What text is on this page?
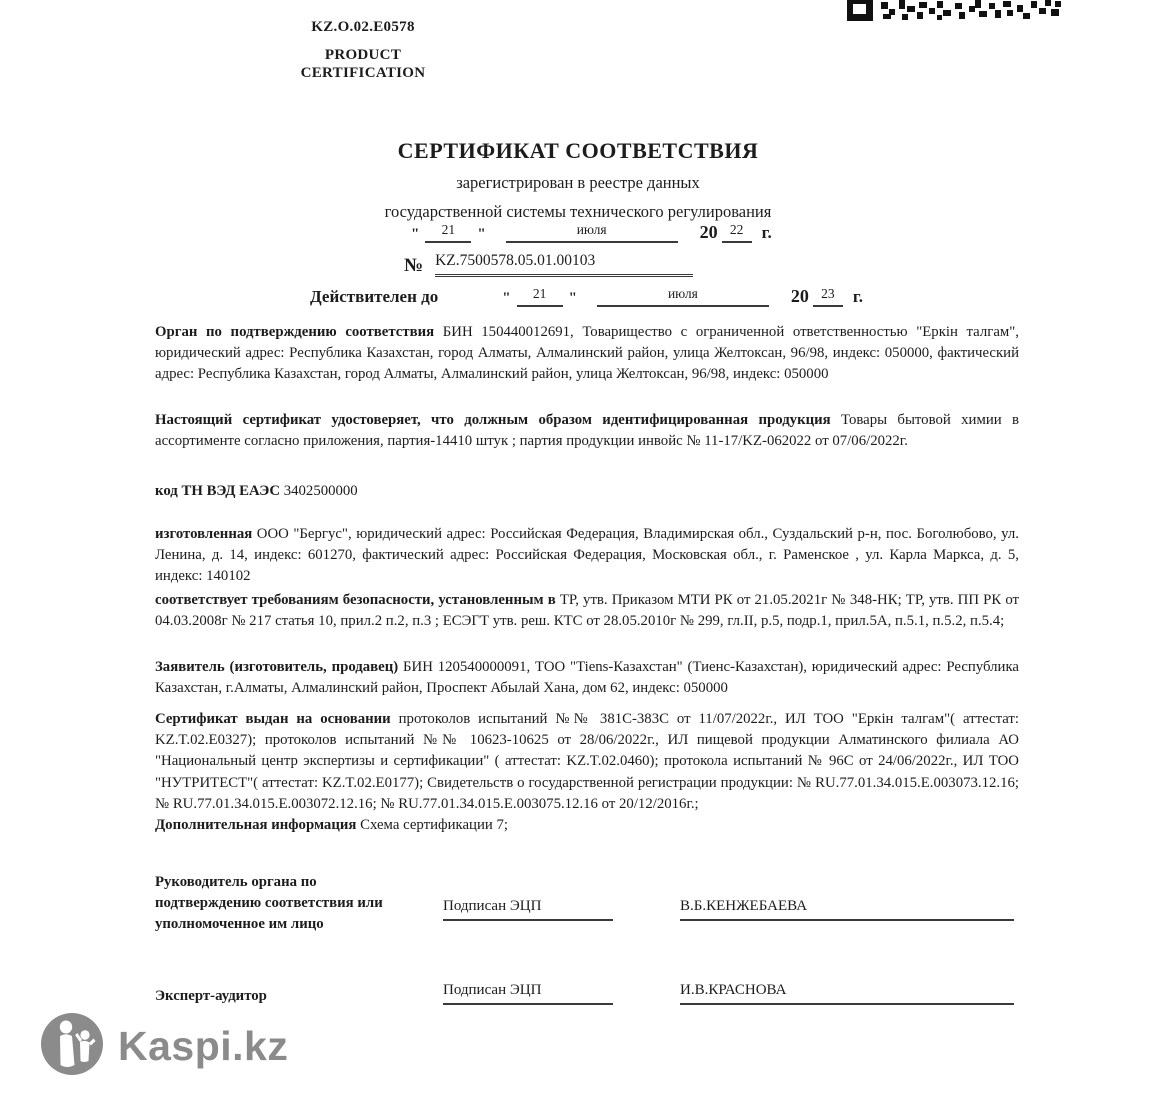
KZ.O.02.E0578
PRODUCT
CERTIFICATION
СЕРТИФИКАТ СООТВЕТСТВИЯ
зарегистрирован в реестре данных
государственной системы технического регулирования
"	21	"	июля	20 22	г.
№ KZ.7500578.05.01.00103
Действителен до	"	21	"	июля	20 23	г.
Орган по подтверждению соответствия БИН 150440012691, Товарищество с ограниченной ответственностью "Еркін талгам", юридический адрес: Республика Казахстан, город Алматы, Алмалинский район, улица Желтоксан, 96/98, индекс: 050000, фактический адрес: Республика Казахстан, город Алматы, Алмалинский район, улица Желтоксан, 96/98, индекс: 050000
Настоящий сертификат удостоверяет, что должным образом идентифицированная продукция Товары бытовой химии в ассортименте согласно приложения, партия-14410 штук ; партия продукции инвойс № 11-17/KZ-062022 от 07/06/2022г.
код ТН ВЭД ЕАЭС 3402500000
изготовленная ООО "Бергус", юридический адрес: Российская Федерация, Владимирская обл., Суздальский р-н, пос. Боголюбово, ул. Ленина, д. 14, индекс: 601270, фактический адрес: Российская Федерация, Московская обл., г. Раменское , ул. Карла Маркса, д. 5, индекс: 140102
соответствует требованиям безопасности, установленным в ТР, утв. Приказом МТИ РК от 21.05.2021г № 348-НК; ТР, утв. ПП РК от 04.03.2008г № 217 статья 10, прил.2 п.2, п.3 ; ЕСЭГТ утв. реш. КТС от 28.05.2010г № 299, гл.II, р.5, подр.1, прил.5А, п.5.1, п.5.2, п.5.4;
Заявитель (изготовитель, продавец) БИН 120540000091, ТОО "Tiens-Казахстан" (Тиенс-Казахстан), юридический адрес: Республика Казахстан, г.Алматы, Алмалинский район, Проспект Абылай Хана, дом 62, индекс: 050000
Сертификат выдан на основании протоколов испытаний №№ 381С-383С от 11/07/2022г., ИЛ ТОО "Еркін талгам"( аттестат: KZ.T.02.E0327); протоколов испытаний №№ 10623-10625 от 28/06/2022г., ИЛ пищевой продукции Алматинского филиала АО "Национальный центр экспертизы и сертификации" ( аттестат: KZ.T.02.0460); протокола испытаний № 96С от 24/06/2022г., ИЛ ТОО "НУТРИТЕСТ"( аттестат: KZ.T.02.E0177); Свидетельств о государственной регистрации продукции: № RU.77.01.34.015.E.003073.12.16; № RU.77.01.34.015.E.003072.12.16; № RU.77.01.34.015.E.003075.12.16 от 20/12/2016г.;
Дополнительная информация Схема сертификации 7;
Руководитель органа по подтверждению соответствия или уполномоченное им лицо
Подписан ЭЦП	В.Б.КЕНЖЕБАЕВА
Эксперт-аудитор	Подписан ЭЦП	И.В.КРАСНОВА
Kaspi.kz
